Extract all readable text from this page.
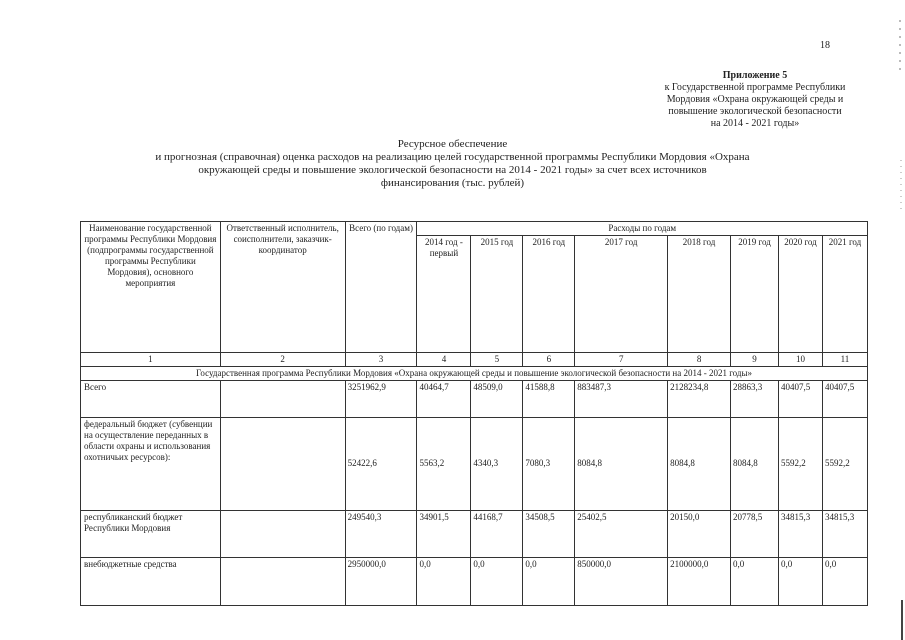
18
Приложение 5
к Государственной программе Республики
Мордовия «Охрана окружающей среды и
повышение экологической безопасности
на 2014 - 2021 годы»
Ресурсное обеспечение
и прогнозная (справочная) оценка расходов на реализацию целей государственной программы Республики Мордовия «Охрана
окружающей среды и повышение экологической безопасности на 2014 - 2021 годы» за счет всех источников
финансирования (тыс. рублей)
Наименование государственной программы Республики Мордовия (подпрограммы государственной программы Республики Мордовия), основного мероприятия	Ответственный исполнитель, соисполнители, заказчик-координатор	Всего (по годам)	Расходы по годам							
			2014 год - первый	2015 год	2016 год	2017 год	2018 год	2019 год	2020 год	2021 год
1	2	3	4	5	6	7	8	9	10	11
Государственная программа Республики Мордовия «Охрана окружающей среды и повышение экологической безопасности на 2014 - 2021 годы»										
Всего		3251962,9	40464,7	48509,0	41588,8	883487,3	2128234,8	28863,3	40407,5	40407,5
федеральный бюджет (субвенции на осуществление переданных в области охраны и использования охотничьих ресурсов):		52422,6	5563,2	4340,3	7080,3	8084,8	8084,8	8084,8	5592,2	5592,2
республиканский бюджет Республики Мордовия		249540,3	34901,5	44168,7	34508,5	25402,5	20150,0	20778,5	34815,3	34815,3
внебюджетные средства		2950000,0	0,0	0,0	0,0	850000,0	2100000,0	0,0	0,0	0,0
